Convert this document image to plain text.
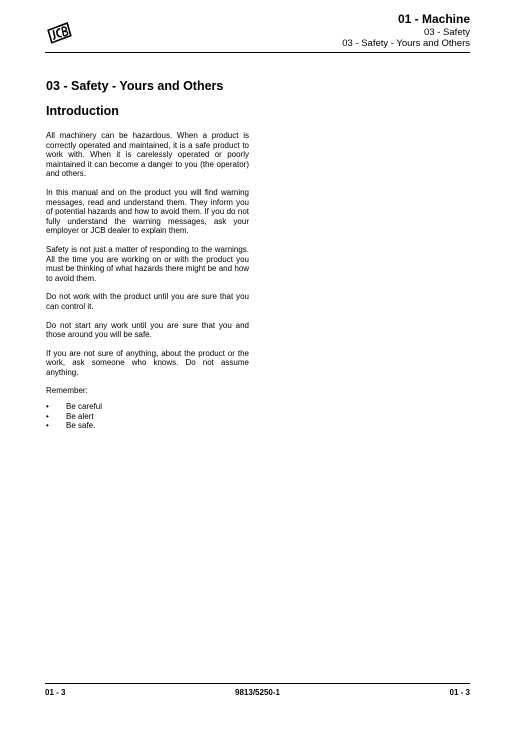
01 - Machine
03 - Safety
03 - Safety - Yours and Others
03 - Safety - Yours and Others
Introduction

All machinery can be hazardous. When a product is correctly operated and maintained, it is a safe product to work with. When it is carelessly operated or poorly maintained it can become a danger to you (the operator) and others.

In this manual and on the product you will find warning messages, read and understand them. They inform you of potential hazards and how to avoid them. If you do not fully understand the warning messages, ask your employer or JCB dealer to explain them.

Safety is not just a matter of responding to the warnings. All the time you are working on or with the product you must be thinking of what hazards there might be and how to avoid them.

Do not work with the product until you are sure that you can control it.

Do not start any work until you are sure that you and those around you will be safe.

If you are not sure of anything, about the product or the work, ask someone who knows. Do not assume anything.

Remember:

• Be careful
• Be alert
• Be safe.
01 - 3	9813/5250-1	01 - 3
